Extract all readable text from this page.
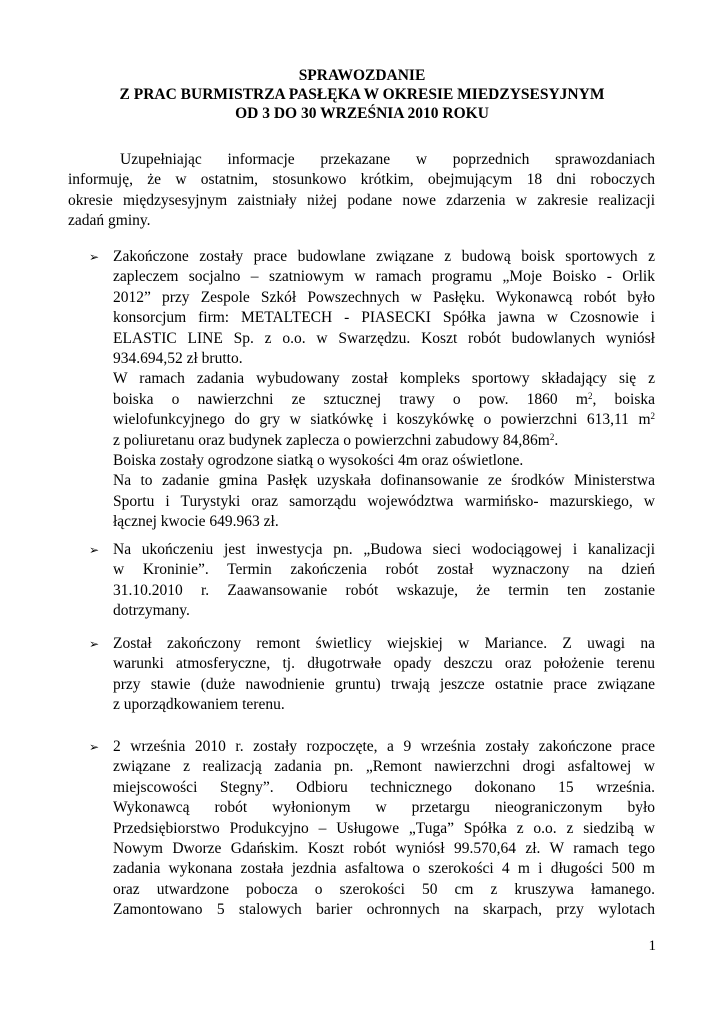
SPRAWOZDANIE
Z PRAC BURMISTRZA PASŁĘKA W OKRESIE MIEDZYSESYJNYM
OD 3 DO 30 WRZEŚNIA 2010 ROKU
Uzupełniając informacje przekazane w poprzednich sprawozdaniach
informuję, że w ostatnim, stosunkowo krótkim, obejmującym 18 dni roboczych
okresie międzysesyjnym zaistniały niżej podane nowe zdarzenia w zakresie realizacji
zadań gminy.
➢ Zakończone zostały prace budowlane związane z budową boisk sportowych z
zapleczem socjalno – szatniowym w ramach programu „Moje Boisko - Orlik
2012” przy Zespole Szkół Powszechnych w Pasłęku. Wykonawcą robót było
konsorcjum firm: METALTECH - PIASECKI Spółka jawna w Czosnowie i
ELASTIC LINE Sp. z o.o. w Swarzędzu. Koszt robót budowlanych wyniósł
934.694,52 zł brutto.
W ramach zadania wybudowany został kompleks sportowy składający się z
boiska o nawierzchni ze sztucznej trawy o pow. 1860 $m^2$, boiska
wielofunkcyjnego do gry w siatkówkę i koszykówkę o powierzchni 613,11 $m^2$
z poliuretanu oraz budynek zaplecza o powierzchni zabudowy $84,86m^2$.
Boiska zostały ogrodzone siatką o wysokości 4m oraz oświetlone.
Na to zadanie gmina Pasłęk uzyskała dofinansowanie ze środków Ministerstwa
Sportu i Turystyki oraz samorządu województwa warmińsko- mazurskiego, w
łącznej kwocie 649.963 zł.
➢ Na ukończeniu jest inwestycja pn. „Budowa sieci wodociągowej i kanalizacji
w Kroninie”. Termin zakończenia robót został wyznaczony na dzień
31.10.2010 r. Zaawansowanie robót wskazuje, że termin ten zostanie
dotrzymany.
➢ Został zakończony remont świetlicy wiejskiej w Mariance. Z uwagi na
warunki atmosferyczne, tj. długotrwałe opady deszczu oraz położenie terenu
przy stawie (duże nawodnienie gruntu) trwają jeszcze ostatnie prace związane
z uporządkowaniem terenu.
➢ 2 września 2010 r. zostały rozpoczęte, a 9 września zostały zakończone prace
związane z realizacją zadania pn. „Remont nawierzchni drogi asfaltowej w
miejscowości Stegny”. Odbioru technicznego dokonano 15 września.
Wykonawcą robót wyłonionym w przetargu nieograniczonym było
Przedsiębiorstwo Produkcyjno – Usługowe „Tuga” Spółka z o.o. z siedzibą w
Nowym Dworze Gdańskim. Koszt robót wyniósł 99.570,64 zł. W ramach tego
zadania wykonana została jezdnia asfaltowa o szerokości 4 m i długości 500 m
oraz utwardzone pobocza o szerokości 50 cm z kruszywa łamanego.
Zamontowano 5 stalowych barier ochronnych na skarpach, przy wylotach
1
